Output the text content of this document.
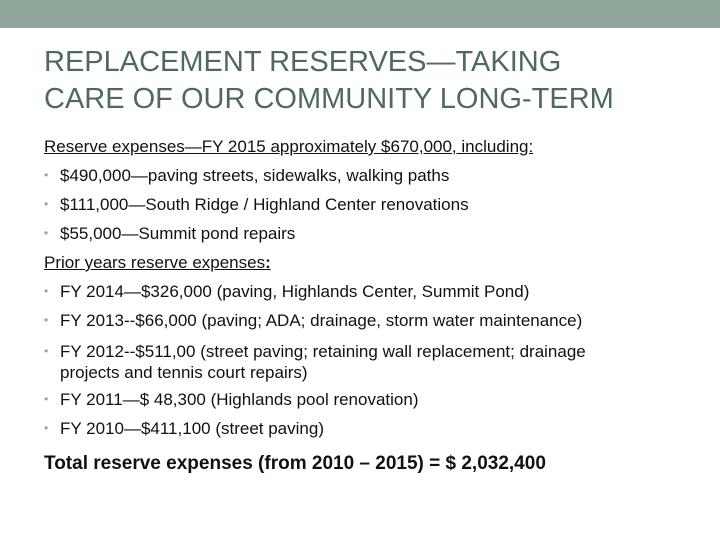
REPLACEMENT RESERVES—TAKING
CARE OF OUR COMMUNITY LONG-TERM
Reserve expenses—FY 2015 approximately $670,000, including:
• $490,000—paving streets, sidewalks, walking paths
• $111,000—South Ridge / Highland Center renovations
• $55,000—Summit pond repairs
Prior years reserve expenses:
• FY 2014—$326,000 (paving, Highlands Center, Summit Pond)
• FY 2013--$66,000 (paving; ADA; drainage, storm water maintenance)
• FY 2012--$511,00 (street paving; retaining wall replacement; drainage
projects and tennis court repairs)
• FY 2011—$ 48,300 (Highlands pool renovation)
• FY 2010—$411,100 (street paving)
Total reserve expenses (from 2010 – 2015) = $ 2,032,400
